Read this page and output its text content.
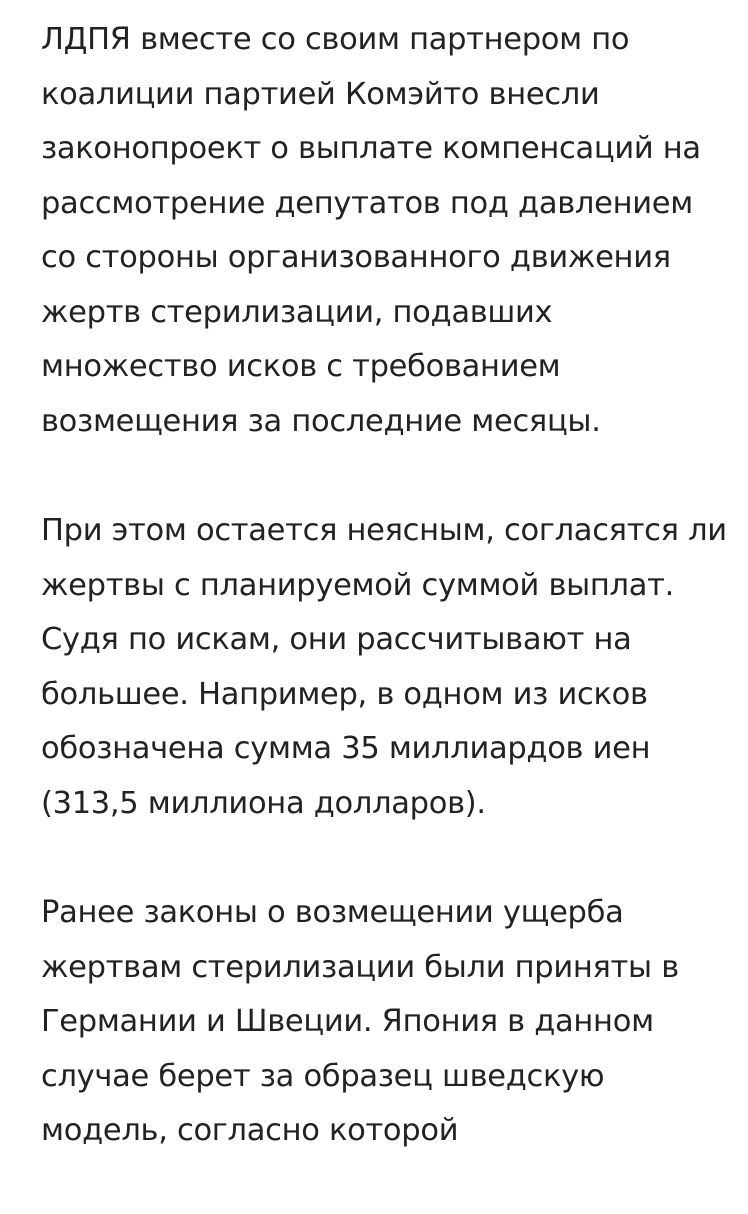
ЛДПЯ вместе со своим партнером по
коалиции партией Комэйто внесли
законопроект о выплате компенсаций на
рассмотрение депутатов под давлением
со стороны организованного движения
жертв стерилизации, подавших
множество исков с требованием
возмещения за последние месяцы.

При этом остается неясным, согласятся ли
жертвы с планируемой суммой выплат.
Судя по искам, они рассчитывают на
большее. Например, в одном из исков
обозначена сумма 35 миллиардов иен
(313,5 миллиона долларов).

Ранее законы о возмещении ущерба
жертвам стерилизации были приняты в
Германии и Швеции. Япония в данном
случае берет за образец шведскую
модель, согласно которой
